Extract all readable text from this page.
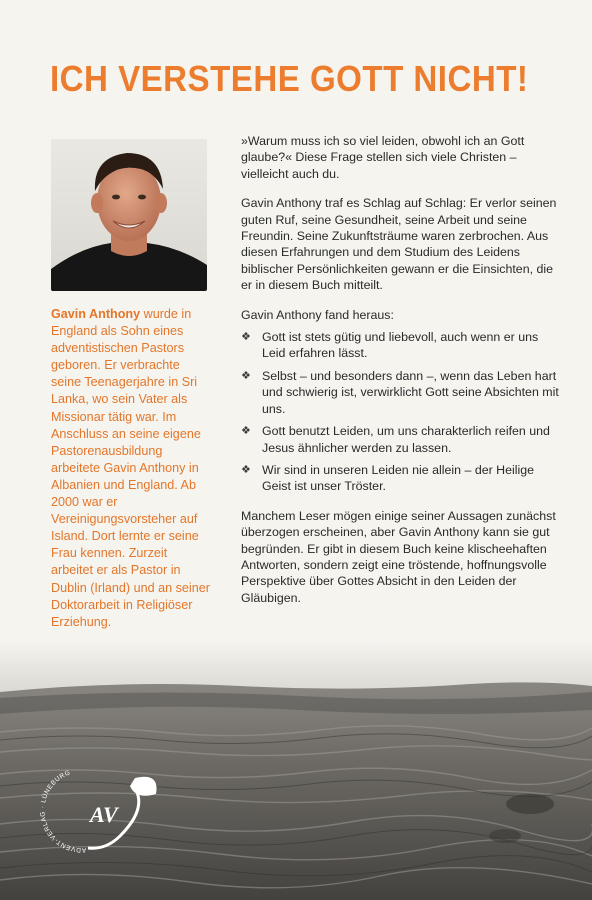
ICH VERSTEHE GOTT NICHT!
Gavin Anthony wurde in England als Sohn eines adventistischen Pastors geboren. Er verbrachte seine Teenagerjahre in Sri Lanka, wo sein Vater als Missionar tätig war. Im Anschluss an seine eigene Pastorenausbildung arbeitete Gavin Anthony in Albanien und England. Ab 2000 war er Vereinigungsvorsteher auf Island. Dort lernte er seine Frau kennen. Zurzeit arbeitet er als Pastor in Dublin (Irland) und an seiner Doktorarbeit in Religiöser Erziehung.

»Warum muss ich so viel leiden, obwohl ich an Gott glaube?« Diese Frage stellen sich viele Christen – vielleicht auch du.

Gavin Anthony traf es Schlag auf Schlag: Er verlor seinen guten Ruf, seine Gesundheit, seine Arbeit und seine Freundin. Seine Zukunftsträume waren zerbrochen. Aus diesen Erfahrungen und dem Studium des Leidens biblischer Persönlichkeiten gewann er die Einsichten, die er in diesem Buch mitteilt.

Gavin Anthony fand heraus:

❖ Gott ist stets gütig und liebevoll, auch wenn er uns Leid erfahren lässt.
❖ Selbst – und besonders dann –, wenn das Leben hart und schwierig ist, verwirklicht Gott seine Absichten mit uns.
❖ Gott benutzt Leiden, um uns charakterlich reifen und Jesus ähnlicher werden zu lassen.
❖ Wir sind in unseren Leiden nie allein – der Heilige Geist ist unser Tröster.

Manchem Leser mögen einige seiner Aussagen zunächst überzogen erscheinen, aber Gavin Anthony kann sie gut begründen. Er gibt in diesem Buch keine klischeehaften Antworten, sondern zeigt eine tröstende, hoffnungsvolle Perspektive über Gottes Absicht in den Leiden der Gläubigen.

ADVENT-VERLAG · LÜNEBURG
AV
